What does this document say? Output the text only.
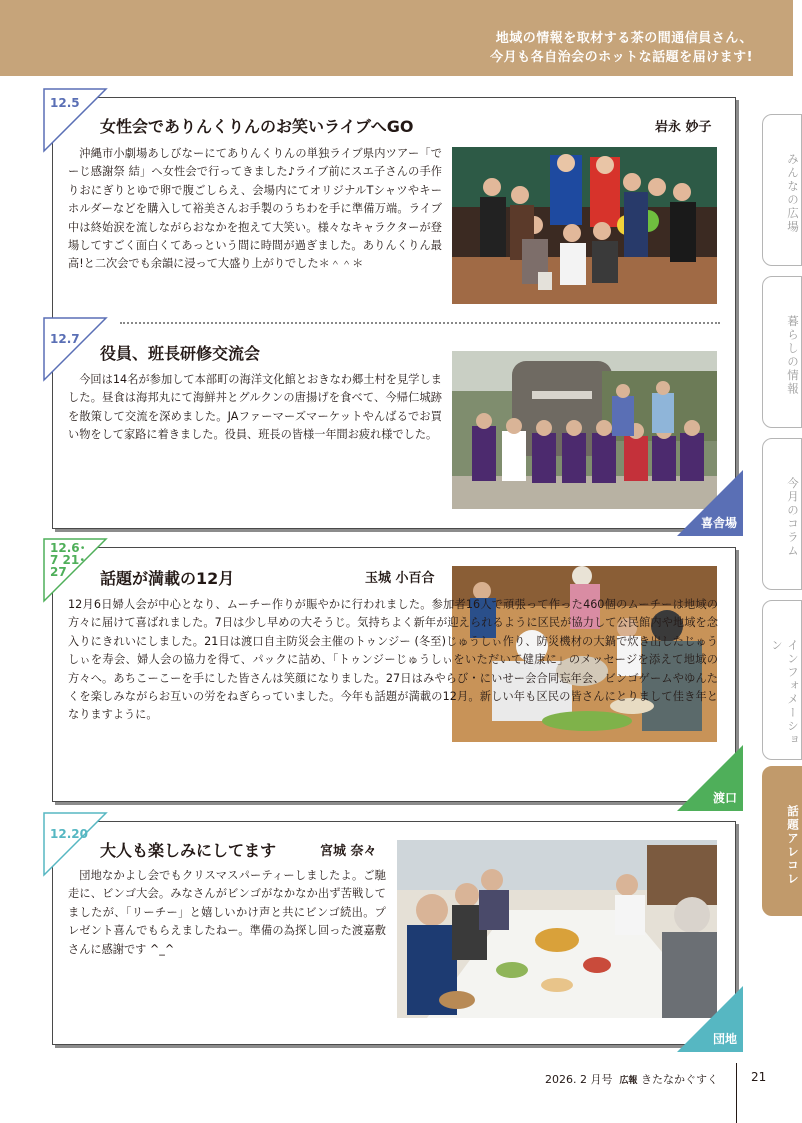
地域の情報を取材する茶の間通信員さん、
今月も各自治会のホットな話題を届けます!
12.5
女性会でありんくりんのお笑いライブへGO	岩永 妙子

沖縄市小劇場あしびなーにてありんくりんの単独ライブ県内ツアー「でーじ感謝祭 結」へ女性会で行ってきました♪ライブ前にスエ子さんの手作りおにぎりとゆで卵で腹ごしらえ、会場内にてオリジナルTシャツやキーホルダーなどを購入して裕美さんお手製のうちわを手に準備万端。ライブ中は終始涙を流しながらおなかを抱えて大笑い。様々なキャラクターが登場してすごく面白くてあっという間に時間が過ぎました。ありんくりん最高!と二次会でも余韻に浸って大盛り上がりでした＊＾＾＊

12.7
役員、班長研修交流会

今回は14名が参加して本部町の海洋文化館とおきなわ郷土村を見学しました。昼食は海邦丸にて海鮮丼とグルクンの唐揚げを食べて、今帰仁城跡を散策して交流を深めました。JAファーマーズマーケットやんばるでお買い物をして家路に着きました。役員、班長の皆様一年間お疲れ様でした。

喜舎場
12.6･7 21･ 27	話題が満載の12月	玉城 小百合

12月6日婦人会が中心となり、ムーチー作りが賑やかに行われました。参加者16人で頑張って作った460個のムーチーは地域の方々に届けて喜ばれました。7日は少し早めの大そうじ。気持ちよく新年が迎えられるように区民が協力して公民館内や地域を念入りにきれいにしました。21日は渡口自主防災会主催のトゥンジー (冬至)じゅうしぃ作り、防災機材の大鍋で炊き出したじゅうしぃを寿会、婦人会の協力を得て、パックに詰め、「トゥンジーじゅうしぃをいただいて健康に」のメッセージを添えて地域の方々へ。あちこーこーを手にした皆さんは笑顔になりました。27日はみやらび・にいせー会合同忘年会、ビンゴゲームやゆんたくを楽しみながらお互いの労をねぎらっていました。今年も話題が満載の12月。新しい年も区民の皆さんにとりまして佳き年となりますように。

渡口
12.20
大人も楽しみにしてます	宮城 奈々

団地なかよし会でもクリスマスパーティーしましたよ。ご馳走に、ビンゴ大会。みなさんがビンゴがなかなか出ず苦戦してましたが、「リーチー」と嬉しいかけ声と共にビンゴ続出。プレゼント喜んでもらえましたねー。準備の為探し回った渡嘉敷さんに感謝です ^_^

団地
みんなの広場
暮らしの情報
今月のコラム
インフォメーション
話題アレコレ
2026. 2 月号 広報 きたなかぐすく	21
